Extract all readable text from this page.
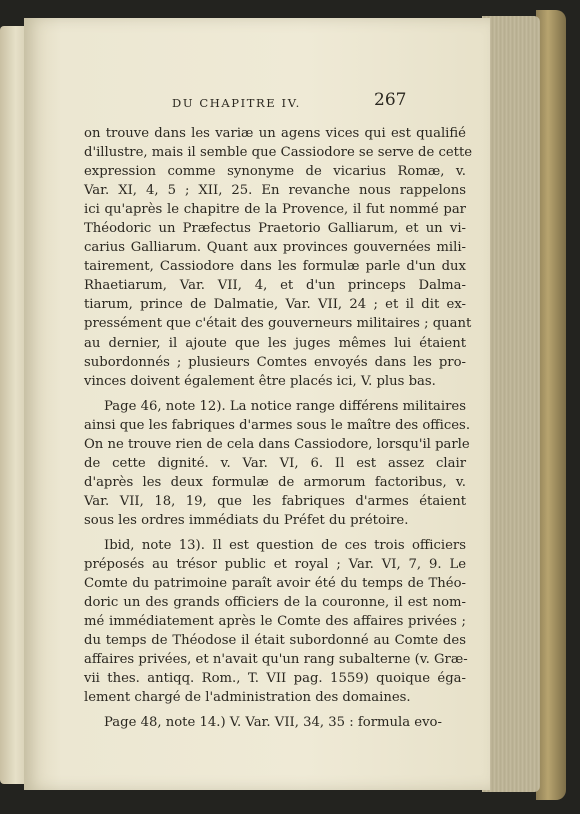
DU CHAPITRE IV.	267
on trouve dans les variæ un agens vices qui est qualifié
d'illustre, mais il semble que Cassiodore se serve de cette
expression comme synonyme de vicarius Romæ, v.
Var. XI, 4, 5 ; XII, 25. En revanche nous rappelons
ici qu'après le chapitre de la Provence, il fut nommé par
Théodoric un Præfectus Praetorio Galliarum, et un vi-
carius Galliarum. Quant aux provinces gouvernées mili-
tairement, Cassiodore dans les formulæ parle d'un dux
Rhaetiarum, Var. VII, 4, et d'un princeps Dalma-
tiarum, prince de Dalmatie, Var. VII, 24 ; et il dit ex-
pressément que c'était des gouverneurs militaires ; quant
au dernier, il ajoute que les juges mêmes lui étaient
subordonnés ; plusieurs Comtes envoyés dans les pro-
vinces doivent également être placés ici, V. plus bas.
Page 46, note 12). La notice range différens militaires
ainsi que les fabriques d'armes sous le maître des offices.
On ne trouve rien de cela dans Cassiodore, lorsqu'il parle
de cette dignité. v. Var. VI, 6. Il est assez clair
d'après les deux formulæ de armorum factoribus, v.
Var. VII, 18, 19, que les fabriques d'armes étaient
sous les ordres immédiats du Préfet du prétoire.
Ibid, note 13). Il est question de ces trois officiers
préposés au trésor public et royal ; Var. VI, 7, 9. Le
Comte du patrimoine paraît avoir été du temps de Théo-
doric un des grands officiers de la couronne, il est nom-
mé immédiatement après le Comte des affaires privées ;
du temps de Théodose il était subordonné au Comte des
affaires privées, et n'avait qu'un rang subalterne (v. Græ-
vii thes. antiqq. Rom., T. VII pag. 1559) quoique éga-
lement chargé de l'administration des domaines.
Page 48, note 14.) V. Var. VII, 34, 35 : formula evo-
